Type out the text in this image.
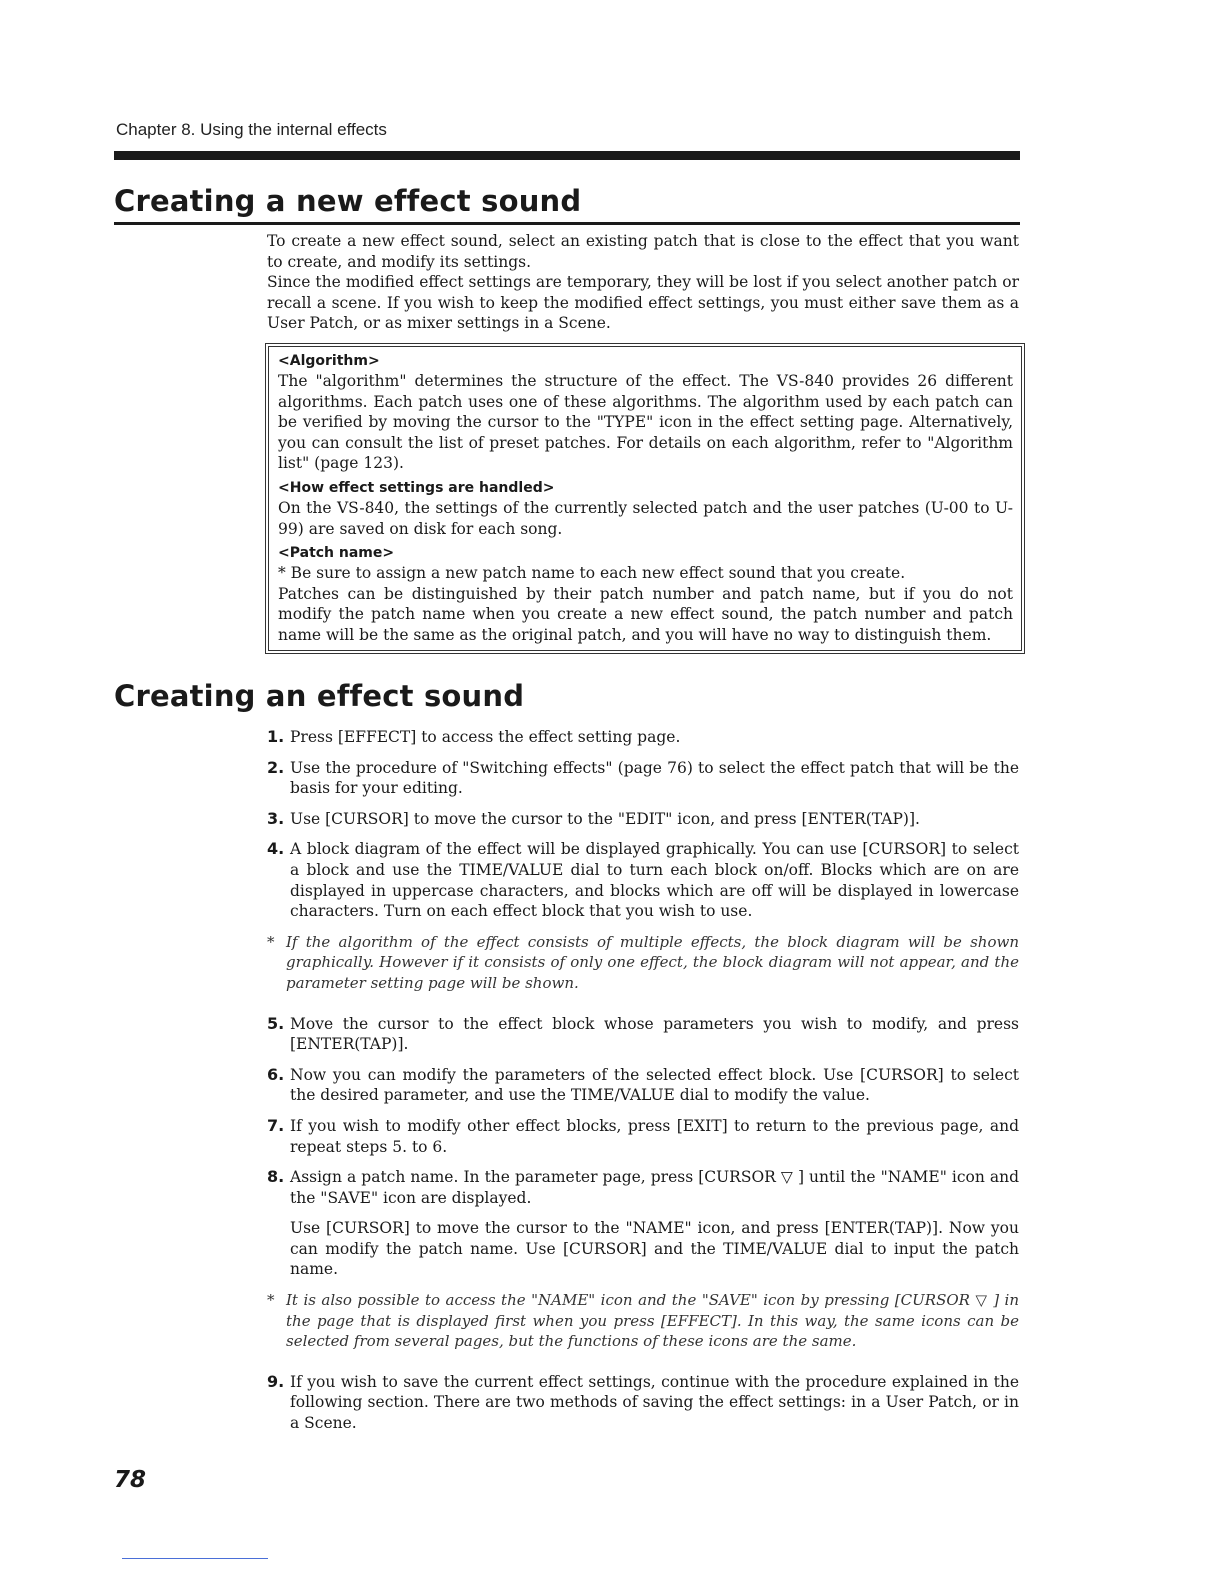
Chapter 8. Using the internal effects
Creating a new effect sound

To create a new effect sound, select an existing patch that is close to the effect that you want to create, and modify its settings.

Since the modified effect settings are temporary, they will be lost if you select another patch or recall a scene. If you wish to keep the modified effect settings, you must either save them as a User Patch, or as mixer settings in a Scene.

<Algorithm>

The "algorithm" determines the structure of the effect. The VS-840 provides 26 different algorithms. Each patch uses one of these algorithms. The algorithm used by each patch can be verified by moving the cursor to the "TYPE" icon in the effect setting page. Alternatively, you can consult the list of preset patches. For details on each algorithm, refer to "Algorithm list" (page 123).

<How effect settings are handled>

On the VS-840, the settings of the currently selected patch and the user patches (U-00 to U-99) are saved on disk for each song.

<Patch name>

* Be sure to assign a new patch name to each new effect sound that you create.

Patches can be distinguished by their patch number and patch name, but if you do not modify the patch name when you create a new effect sound, the patch number and patch name will be the same as the original patch, and you will have no way to distinguish them.

Creating an effect sound
1. Press [EFFECT] to access the effect setting page.

2. Use the procedure of "Switching effects" (page 76) to select the effect patch that will be the basis for your editing.

3. Use [CURSOR] to move the cursor to the "EDIT" icon, and press [ENTER(TAP)].

4. A block diagram of the effect will be displayed graphically. You can use [CURSOR] to select a block and use the TIME/VALUE dial to turn each block on/off. Blocks which are on are displayed in uppercase characters, and blocks which are off will be displayed in lowercase characters. Turn on each effect block that you wish to use.

* If the algorithm of the effect consists of multiple effects, the block diagram will be shown graphically. However if it consists of only one effect, the block diagram will not appear, and the parameter setting page will be shown.
5. Move the cursor to the effect block whose parameters you wish to modify, and press [ENTER(TAP)].

6. Now you can modify the parameters of the selected effect block. Use [CURSOR] to select the desired parameter, and use the TIME/VALUE dial to modify the value.

7. If you wish to modify other effect blocks, press [EXIT] to return to the previous page, and repeat steps 5. to 6.

8. Assign a patch name. In the parameter page, press [CURSOR ▽ ] until the "NAME" icon and the "SAVE" icon are displayed.

Use [CURSOR] to move the cursor to the "NAME" icon, and press [ENTER(TAP)]. Now you can modify the patch name. Use [CURSOR] and the TIME/VALUE dial to input the patch name.

* It is also possible to access the "NAME" icon and the "SAVE" icon by pressing [CURSOR ▽ ] in the page that is displayed first when you press [EFFECT]. In this way, the same icons can be selected from several pages, but the functions of these icons are the same.
9. If you wish to save the current effect settings, continue with the procedure explained in the following section. There are two methods of saving the effect settings: in a User Patch, or in a Scene.

78
